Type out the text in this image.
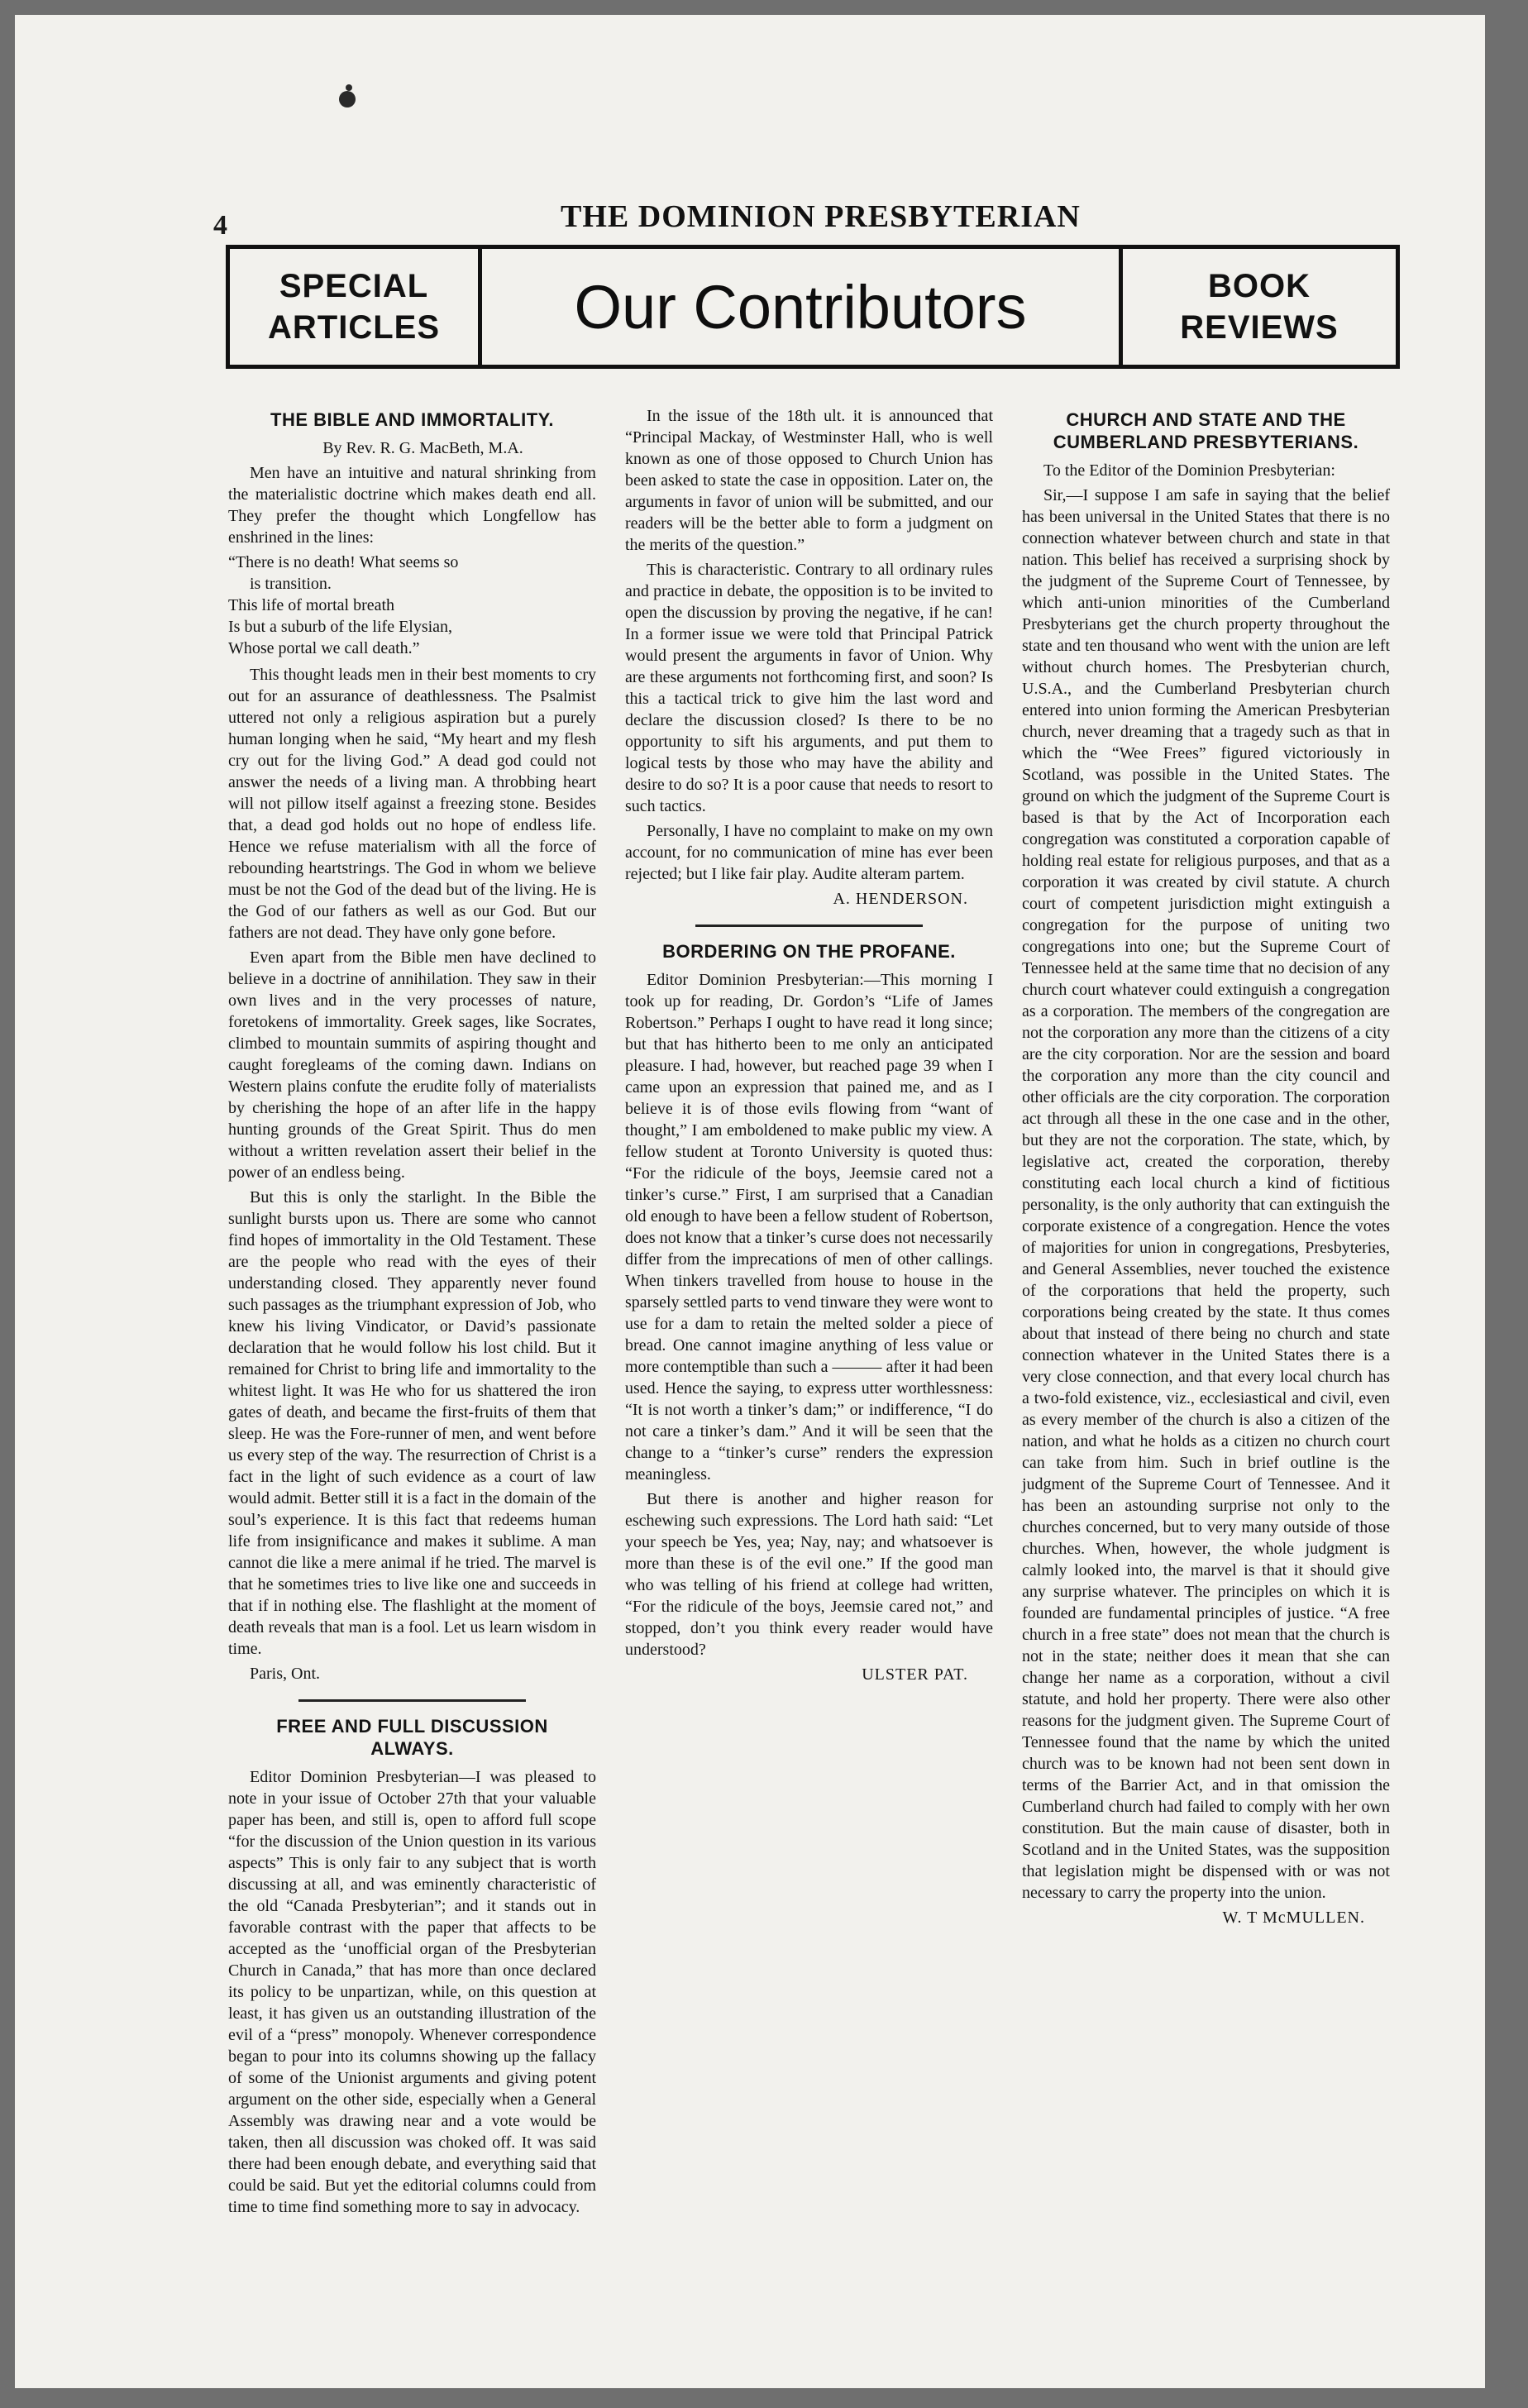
4	THE DOMINION PRESBYTERIAN
SPECIAL
ARTICLES	Our Contributors	BOOK
REVIEWS
THE BIBLE AND IMMORTALITY.

By Rev. R. G. MacBeth, M.A.

Men have an intuitive and natural shrinking from the materialistic doctrine which makes death end all. They prefer the thought which Longfellow has enshrined in the lines:

“There is no death! What seems so

is transition.

This life of mortal breath

Is but a suburb of the life Elysian,

Whose portal we call death.”

This thought leads men in their best moments to cry out for an assurance of deathlessness. The Psalmist uttered not only a religious aspiration but a purely human longing when he said, “My heart and my flesh cry out for the living God.” A dead god could not answer the needs of a living man. A throbbing heart will not pillow itself against a freezing stone. Besides that, a dead god holds out no hope of endless life. Hence we refuse materialism with all the force of rebounding heartstrings. The God in whom we believe must be not the God of the dead but of the living. He is the God of our fathers as well as our God. But our fathers are not dead. They have only gone before.

Even apart from the Bible men have declined to believe in a doctrine of annihilation. They saw in their own lives and in the very processes of nature, foretokens of immortality. Greek sages, like Socrates, climbed to mountain summits of aspiring thought and caught foregleams of the coming dawn. Indians on Western plains confute the erudite folly of materialists by cherishing the hope of an after life in the happy hunting grounds of the Great Spirit. Thus do men without a written revelation assert their belief in the power of an endless being.

But this is only the starlight. In the Bible the sunlight bursts upon us. There are some who cannot find hopes of immortality in the Old Testament. These are the people who read with the eyes of their understanding closed. They apparently never found such passages as the triumphant expression of Job, who knew his living Vindicator, or David’s passionate declaration that he would follow his lost child. But it remained for Christ to bring life and immortality to the whitest light. It was He who for us shattered the iron gates of death, and became the first-fruits of them that sleep. He was the Fore-runner of men, and went before us every step of the way. The resurrection of Christ is a fact in the light of such evidence as a court of law would admit. Better still it is a fact in the domain of the soul’s experience. It is this fact that redeems human life from insignificance and makes it sublime. A man cannot die like a mere animal if he tried. The marvel is that he sometimes tries to live like one and succeeds in that if in nothing else. The flashlight at the moment of death reveals that man is a fool. Let us learn wisdom in time.

Paris, Ont.

FREE AND FULL DISCUSSION
ALWAYS.

Editor Dominion Presbyterian—I was pleased to note in your issue of October 27th that your valuable paper has been, and still is, open to afford full scope “for the discussion of the Union question in its various aspects” This is only fair to any subject that is worth discussing at all, and was eminently characteristic of the old “Canada Presbyterian”; and it stands out in favorable contrast with the paper that affects to be accepted as the ‘unofficial organ of the Presbyterian Church in Canada,” that has more than once declared its policy to be unpartizan, while, on this question at least, it has given us an outstanding illustration of the evil of a “press” monopoly. Whenever correspondence began to pour into its columns showing up the fallacy of some of the Unionist arguments and giving potent argument on the other side, especially when a General Assembly was drawing near and a vote would be taken, then all discussion was choked off. It was said there had been enough debate, and everything said that could be said. But yet the editorial columns could from time to time find something more to say in advocacy.

In the issue of the 18th ult. it is announced that “Principal Mackay, of Westminster Hall, who is well known as one of those opposed to Church Union has been asked to state the case in opposition. Later on, the arguments in favor of union will be submitted, and our readers will be the better able to form a judgment on the merits of the question.”

This is characteristic. Contrary to all ordinary rules and practice in debate, the opposition is to be invited to open the discussion by proving the negative, if he can! In a former issue we were told that Principal Patrick would present the arguments in favor of Union. Why are these arguments not forthcoming first, and soon? Is this a tactical trick to give him the last word and declare the discussion closed? Is there to be no opportunity to sift his arguments, and put them to logical tests by those who may have the ability and desire to do so? It is a poor cause that needs to resort to such tactics.

Personally, I have no complaint to make on my own account, for no communication of mine has ever been rejected; but I like fair play. Audite alteram partem.

A. HENDERSON.

BORDERING ON THE PROFANE.

Editor Dominion Presbyterian:—This morning I took up for reading, Dr. Gordon’s “Life of James Robertson.” Perhaps I ought to have read it long since; but that has hitherto been to me only an anticipated pleasure. I had, however, but reached page 39 when I came upon an expression that pained me, and as I believe it is of those evils flowing from “want of thought,” I am emboldened to make public my view. A fellow student at Toronto University is quoted thus: “For the ridicule of the boys, Jeemsie cared not a tinker’s curse.” First, I am surprised that a Canadian old enough to have been a fellow student of Robertson, does not know that a tinker’s curse does not necessarily differ from the imprecations of men of other callings. When tinkers travelled from house to house in the sparsely settled parts to vend tinware they were wont to use for a dam to retain the melted solder a piece of bread. One cannot imagine anything of less value or more contemptible than such a ——— after it had been used. Hence the saying, to express utter worthlessness: “It is not worth a tinker’s dam;” or indifference, “I do not care a tinker’s dam.” And it will be seen that the change to a “tinker’s curse” renders the expression meaningless.

But there is another and higher reason for eschewing such expressions. The Lord hath said: “Let your speech be Yes, yea; Nay, nay; and whatsoever is more than these is of the evil one.” If the good man who was telling of his friend at college had written, “For the ridicule of the boys, Jeemsie cared not,” and stopped, don’t you think every reader would have understood?

ULSTER PAT.

CHURCH AND STATE AND THE
CUMBERLAND PRESBYTERIANS.

To the Editor of the Dominion Presbyterian:

Sir,—I suppose I am safe in saying that the belief has been universal in the United States that there is no connection whatever between church and state in that nation. This belief has received a surprising shock by the judgment of the Supreme Court of Tennessee, by which anti-union minorities of the Cumberland Presbyterians get the church property throughout the state and ten thousand who went with the union are left without church homes. The Presbyterian church, U.S.A., and the Cumberland Presbyterian church entered into union forming the American Presbyterian church, never dreaming that a tragedy such as that in which the “Wee Frees” figured victoriously in Scotland, was possible in the United States. The ground on which the judgment of the Supreme Court is based is that by the Act of Incorporation each congregation was constituted a corporation capable of holding real estate for religious purposes, and that as a corporation it was created by civil statute. A church court of competent jurisdiction might extinguish a congregation for the purpose of uniting two congregations into one; but the Supreme Court of Tennessee held at the same time that no decision of any church court whatever could extinguish a congregation as a corporation. The members of the congregation are not the corporation any more than the citizens of a city are the city corporation. Nor are the session and board the corporation any more than the city council and other officials are the city corporation. The corporation act through all these in the one case and in the other, but they are not the corporation. The state, which, by legislative act, created the corporation, thereby constituting each local church a kind of fictitious personality, is the only authority that can extinguish the corporate existence of a congregation. Hence the votes of majorities for union in congregations, Presbyteries, and General Assemblies, never touched the existence of the corporations that held the property, such corporations being created by the state. It thus comes about that instead of there being no church and state connection whatever in the United States there is a very close connection, and that every local church has a two-fold existence, viz., ecclesiastical and civil, even as every member of the church is also a citizen of the nation, and what he holds as a citizen no church court can take from him. Such in brief outline is the judgment of the Supreme Court of Tennessee. And it has been an astounding surprise not only to the churches concerned, but to very many outside of those churches. When, however, the whole judgment is calmly looked into, the marvel is that it should give any surprise whatever. The principles on which it is founded are fundamental principles of justice. “A free church in a free state” does not mean that the church is not in the state; neither does it mean that she can change her name as a corporation, without a civil statute, and hold her property. There were also other reasons for the judgment given. The Supreme Court of Tennessee found that the name by which the united church was to be known had not been sent down in terms of the Barrier Act, and in that omission the Cumberland church had failed to comply with her own constitution. But the main cause of disaster, both in Scotland and in the United States, was the supposition that legislation might be dispensed with or was not necessary to carry the property into the union.

W. T McMULLEN.
